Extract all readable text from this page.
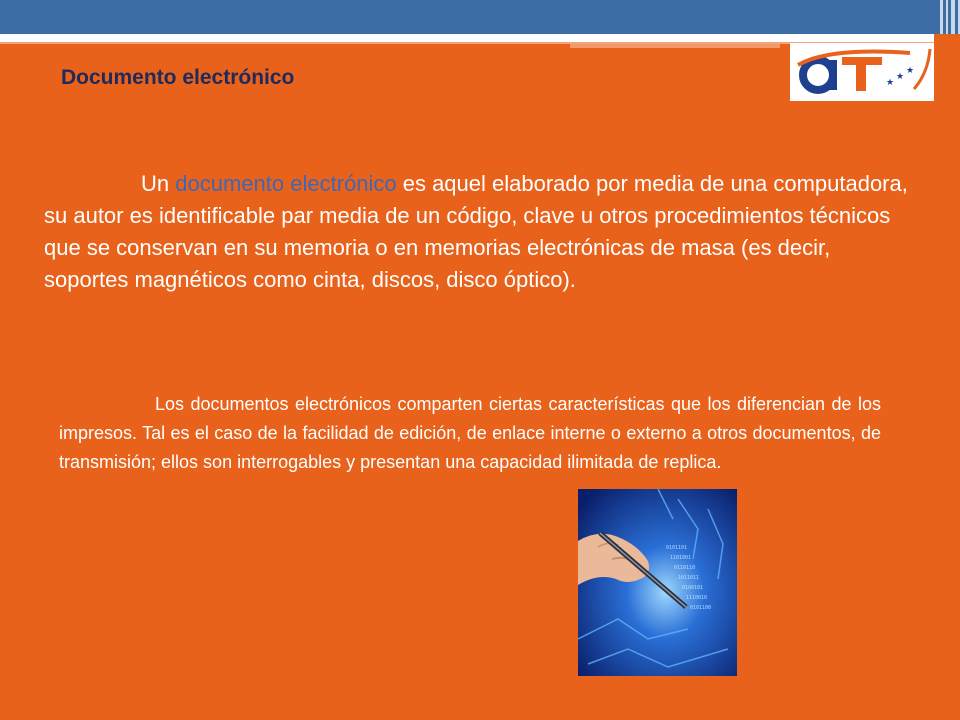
Documento electrónico	★
★
★

Un documento electrónico es aquel elaborado por media de una computadora, su autor es identificable par media de un código, clave u otros procedimientos técnicos que se conservan en su memoria o en memorias electrónicas de masa (es decir, soportes magnéticos como cinta, discos, disco óptico).

Los documentos electrónicos comparten ciertas características que los diferencian de los impresos. Tal es el caso de la facilidad de edición, de enlace interne o externo a otros documentos, de transmisión; ellos son interrogables y presentan una capacidad ilimitada de replica.

0101101
1101001
0110110
1011011
0100101
1110010
0101100
